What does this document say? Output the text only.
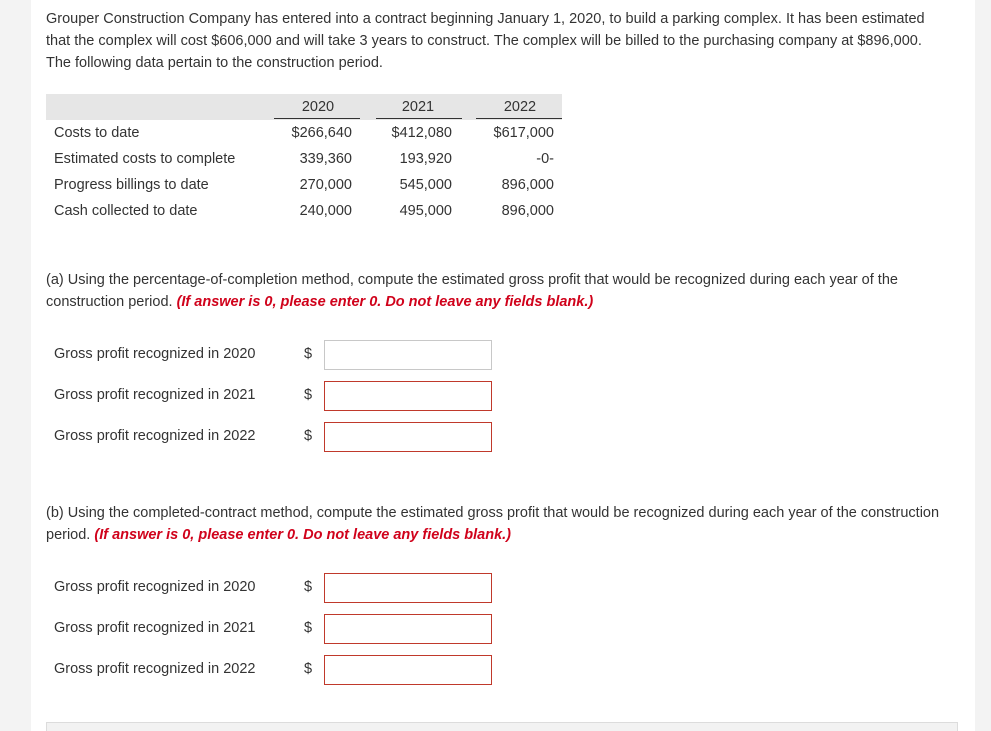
Grouper Construction Company has entered into a contract beginning January 1, 2020, to build a parking complex. It has been estimated that the complex will cost $606,000 and will take 3 years to construct. The complex will be billed to the purchasing company at $896,000. The following data pertain to the construction period.
2020	2021	2022
Costs to date	$266,640	$412,080	$617,000
Estimated costs to complete	339,360	193,920	-0-
Progress billings to date	270,000	545,000	896,000
Cash collected to date	240,000	495,000	896,000
(a) Using the percentage-of-completion method, compute the estimated gross profit that would be recognized during each year of the construction period. (If answer is 0, please enter 0. Do not leave any fields blank.)
Gross profit recognized in 2020	$
Gross profit recognized in 2021	$
Gross profit recognized in 2022	$
(b) Using the completed-contract method, compute the estimated gross profit that would be recognized during each year of the construction period. (If answer is 0, please enter 0. Do not leave any fields blank.)
Gross profit recognized in 2020	$
Gross profit recognized in 2021	$
Gross profit recognized in 2022	$
